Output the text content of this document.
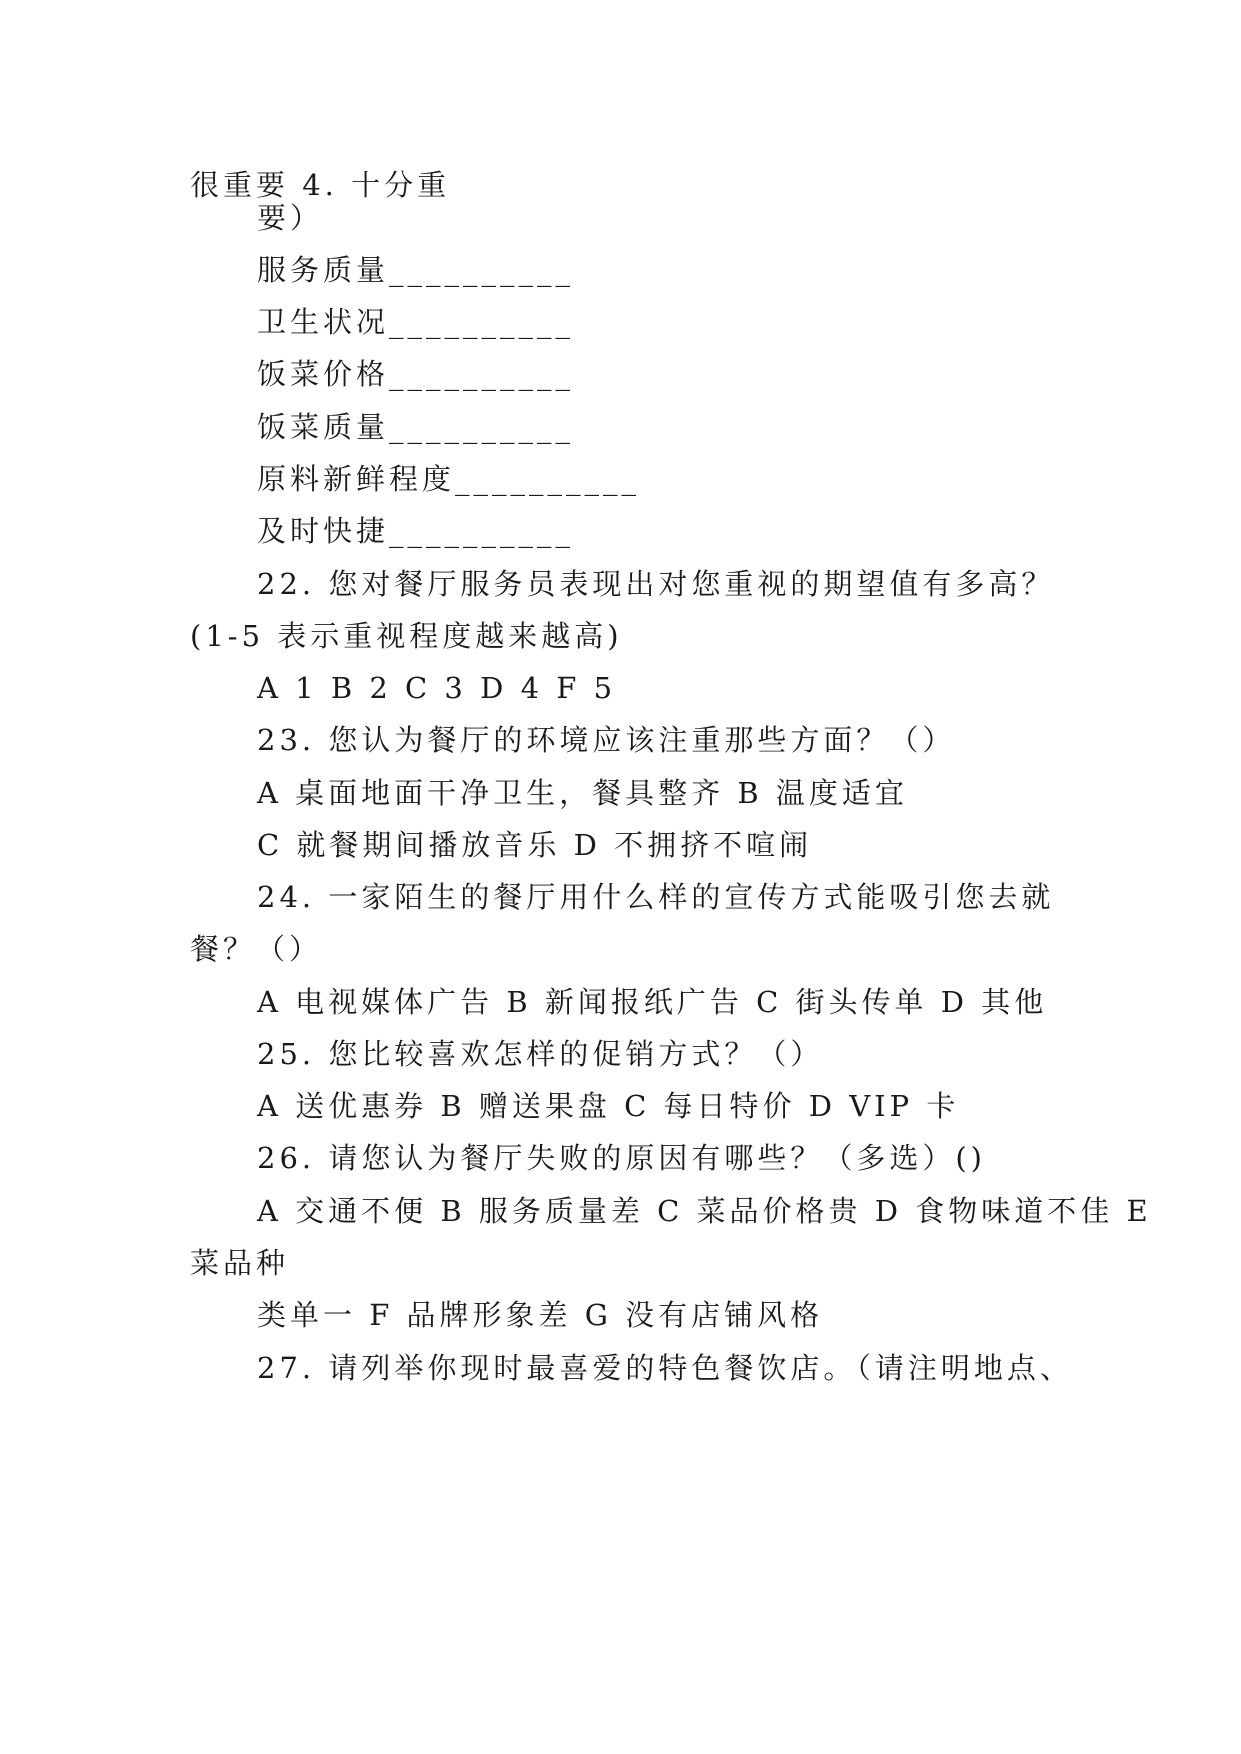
很重要 4. 十分重
要）
服务质量__________
卫生状况__________
饭菜价格__________
饭菜质量__________
原料新鲜程度__________
及时快捷__________
22. 您对餐厅服务员表现出对您重视的期望值有多高？
(1-5 表示重视程度越来越高)
A 1 B 2 C 3 D 4 F 5
23. 您认为餐厅的环境应该注重那些方面？（）
A 桌面地面干净卫生，餐具整齐 B 温度适宜
C 就餐期间播放音乐 D 不拥挤不喧闹
24. 一家陌生的餐厅用什么样的宣传方式能吸引您去就
餐？（）
A 电视媒体广告 B 新闻报纸广告 C 街头传单 D 其他
25. 您比较喜欢怎样的促销方式？（）
A 送优惠券 B 赠送果盘 C 每日特价 D VIP 卡
26. 请您认为餐厅失败的原因有哪些？（多选）()
A 交通不便 B 服务质量差 C 菜品价格贵 D 食物味道不佳 E
菜品种
类单一 F 品牌形象差 G 没有店铺风格
27. 请列举你现时最喜爱的特色餐饮店。（请注明地点、
